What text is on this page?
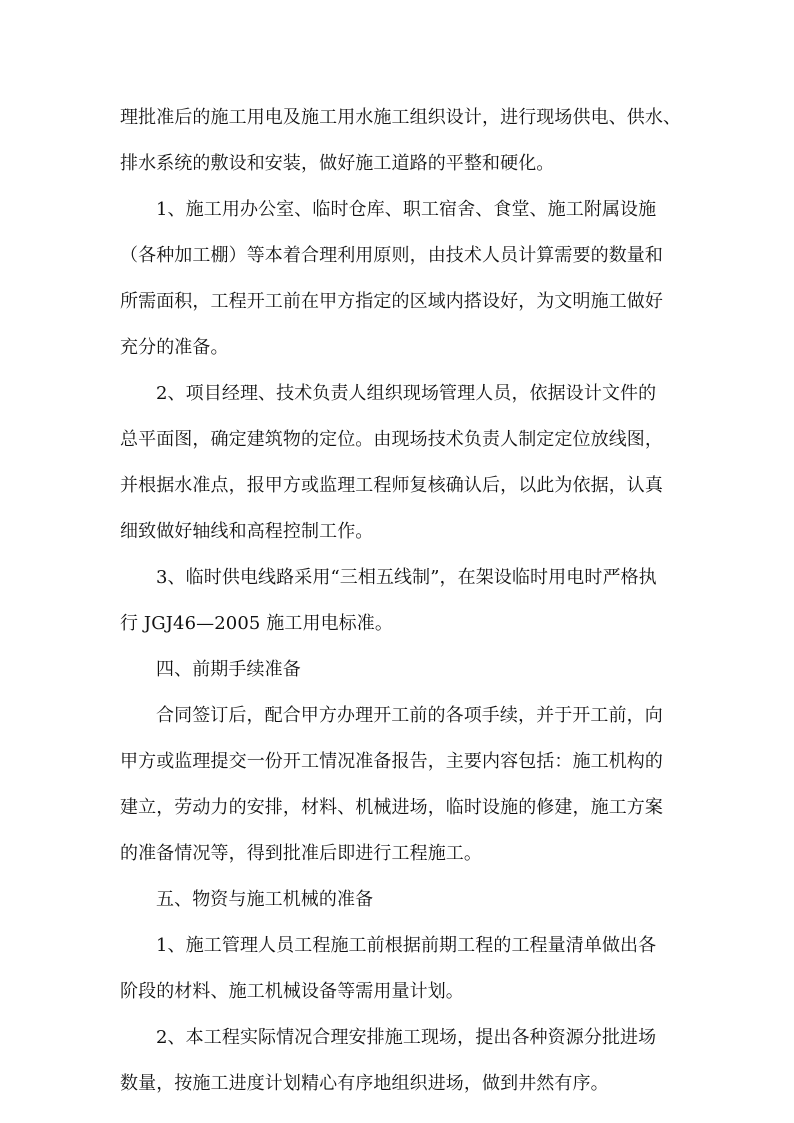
理批准后的施工用电及施工用水施工组织设计，进行现场供电、供水、
排水系统的敷设和安装，做好施工道路的平整和硬化。
1、施工用办公室、临时仓库、职工宿舍、食堂、施工附属设施
（各种加工棚）等本着合理利用原则，由技术人员计算需要的数量和
所需面积，工程开工前在甲方指定的区域内搭设好，为文明施工做好
充分的准备。
2、项目经理、技术负责人组织现场管理人员，依据设计文件的
总平面图，确定建筑物的定位。由现场技术负责人制定定位放线图，
并根据水准点，报甲方或监理工程师复核确认后，以此为依据，认真
细致做好轴线和高程控制工作。
3、临时供电线路采用“三相五线制”，在架设临时用电时严格执
行 JGJ46—2005 施工用电标准。
四、前期手续准备
合同签订后，配合甲方办理开工前的各项手续，并于开工前，向
甲方或监理提交一份开工情况准备报告，主要内容包括：施工机构的
建立，劳动力的安排，材料、机械进场，临时设施的修建，施工方案
的准备情况等，得到批准后即进行工程施工。
五、物资与施工机械的准备
1、施工管理人员工程施工前根据前期工程的工程量清单做出各
阶段的材料、施工机械设备等需用量计划。
2、本工程实际情况合理安排施工现场，提出各种资源分批进场
数量，按施工进度计划精心有序地组织进场，做到井然有序。
